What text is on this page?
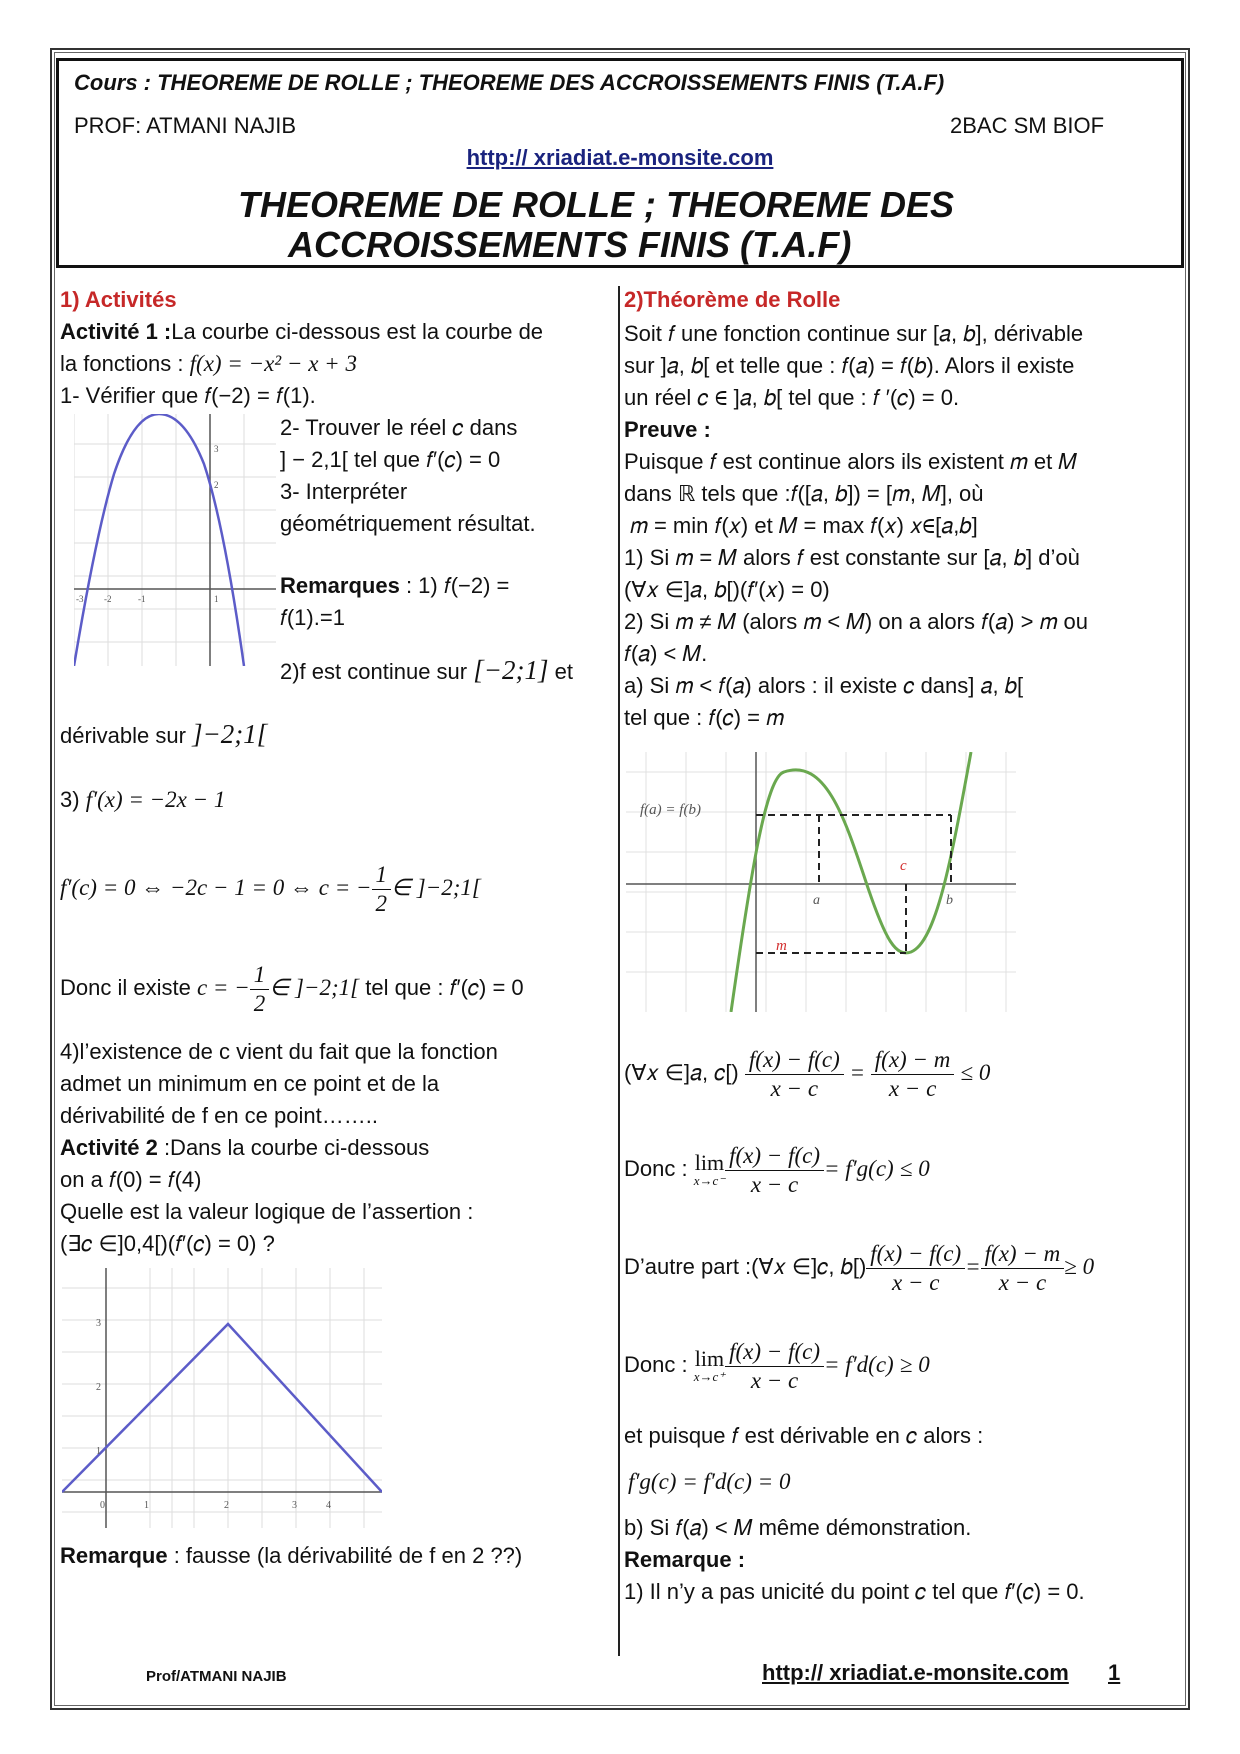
Cours : THEOREME DE ROLLE ; THEOREME DES ACCROISSEMENTS FINIS (T.A.F)
PROF: ATMANI NAJIB	2BAC SM BIOF
http:// xriadiat.e-monsite.com
THEOREME DE ROLLE ; THEOREME DES
ACCROISSEMENTS FINIS (T.A.F)
1) Activités
Activité 1 :La courbe ci-dessous est la courbe de
la fonctions : f(x) = −x² − x + 3
1- Vérifier que 𝑓(−2) = 𝑓(1).
-3 -2	-1	1
3
2
2- Trouver le réel 𝑐 dans
] − 2,1[ tel que 𝑓′(𝑐) = 0
3- Interpréter
géométriquement résultat.
Remarques : 1) 𝑓(−2) =
𝑓(1).=1
2)f est continue sur [−2;1] et
dérivable sur ]−2;1[
3) f′(x) = −2x − 1
f′(c) = 0 ⇔ −2c − 1 = 0 ⇔ c = − $\frac{1}{2}$ ∈ ]−2;1[
Donc il existe c = − $\frac{1}{2}$ ∈ ]−2;1[ tel que : 𝑓′(𝑐) = 0
4)l’existence de c vient du fait que la fonction
admet un minimum en ce point et de la
dérivabilité de f en ce point……..
Activité 2 :Dans la courbe ci-dessous
on a 𝑓(0) = 𝑓(4)
Quelle est la valeur logique de l’assertion :
(∃𝑐 ∈]0,4[)(𝑓′(𝑐) = 0) ?
0	1	2	3	4
1
2
3
Remarque : fausse (la dérivabilité de f en 2 ??)
2)Théorème de Rolle
Soit 𝑓 une fonction continue sur [𝑎, 𝑏], dérivable
sur ]𝑎, 𝑏[ et telle que : 𝑓(𝑎) = 𝑓(𝑏). Alors il existe
un réel 𝑐 ∈ ]𝑎, 𝑏[ tel que : 𝑓 ′(𝑐) = 0.
Preuve :
Puisque 𝑓 est continue alors ils existent 𝑚 et 𝑀
dans ℝ tels que :𝑓([𝑎, 𝑏]) = [𝑚, 𝑀], où
𝑚 = min 𝑓(𝑥) et 𝑀 = max 𝑓(𝑥) 𝑥∈[𝑎,𝑏]
1) Si 𝑚 = 𝑀 alors 𝑓 est constante sur [𝑎, 𝑏] d’où
(∀𝑥 ∈]𝑎, 𝑏[)(𝑓′(𝑥) = 0)
2) Si 𝑚 ≠ 𝑀 (alors 𝑚 < 𝑀) on a alors 𝑓(𝑎) > 𝑚 ou
𝑓(𝑎) < 𝑀.
a) Si 𝑚 < 𝑓(𝑎) alors : il existe 𝑐 dans] 𝑎, 𝑏[
tel que : 𝑓(𝑐) = 𝑚
f(a) = f(b)
m
a	b
c
(∀𝑥 ∈]𝑎, 𝑐[) $\frac{f(x) - f(c)}{x - c} = \frac{f(x) - m}{x - c} \le 0$
Donc : lim
$x\to c^- \frac{f(x) - f(c)}{x - c} = f'g(c) \le 0$
D’autre part :(∀𝑥 ∈]𝑐, 𝑏[) $\frac{f(x) - f(c)}{x - c} = \frac{f(x) - m}{x - c} \ge 0$
Donc : lim
$x\to c^+ \frac{f(x) - f(c)}{x - c} = f'd(c) \ge 0$
et puisque 𝑓 est dérivable en 𝑐 alors :
f′g(c) = f′d(c) = 0
b) Si 𝑓(𝑎) < 𝑀 même démonstration.
Remarque :
1) Il n’y a pas unicité du point 𝑐 tel que 𝑓′(𝑐) = 0.
Prof/ATMANI NAJIB	http:// xriadiat.e-monsite.com 1
